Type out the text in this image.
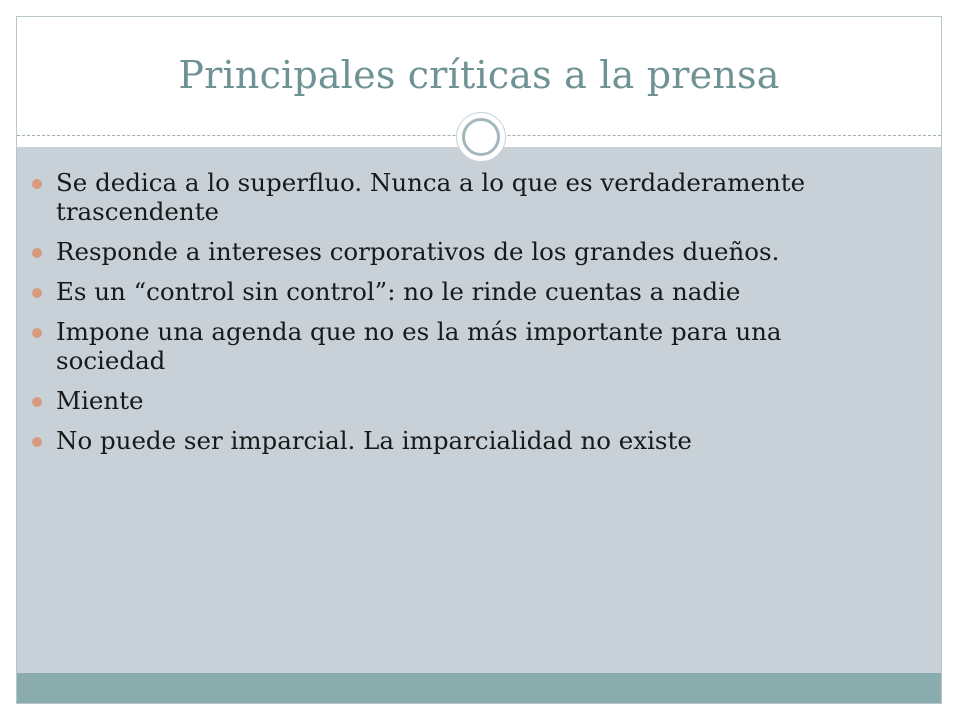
Principales críticas a la prensa
Se dedica a lo superfluo. Nunca a lo que es verdaderamente trascendente
Responde a intereses corporativos de los grandes dueños.
Es un “control sin control”: no le rinde cuentas a nadie
Impone una agenda que no es la más importante para una sociedad
Miente
No puede ser imparcial. La imparcialidad no existe
